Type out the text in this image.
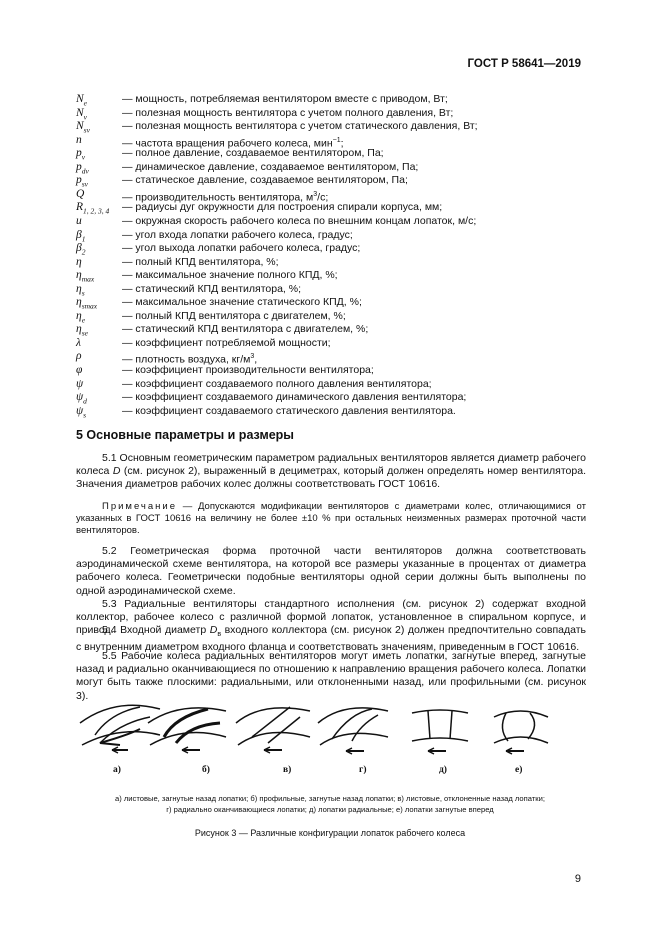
ГОСТ Р 58641—2019
$N_e$	— мощность, потребляемая вентилятором вместе с приводом, Вт;
$N_v$	— полезная мощность вентилятора с учетом полного давления, Вт;
$N_{sv}$	— полезная мощность вентилятора с учетом статического давления, Вт;
n	— частота вращения рабочего колеса, мин$^{-1}$;
$p_v$	— полное давление, создаваемое вентилятором, Па;
$p_{dv}$	— динамическое давление, создаваемое вентилятором, Па;
$p_{sv}$	— статическое давление, создаваемое вентилятором, Па;
Q	— производительность вентилятора, $м^3/с$;
$R_{1, 2, 3, 4}$	— радиусы дуг окружности для построения спирали корпуса, мм;
u	— окружная скорость рабочего колеса по внешним концам лопаток, м/с;
$\beta_1$	— угол входа лопатки рабочего колеса, градус;
$\beta_2$	— угол выхода лопатки рабочего колеса, градус;
η	— полный КПД вентилятора, %;
$\eta_{max}$	— максимальное значение полного КПД, %;
$\eta_s$	— статический КПД вентилятора, %;
$\eta_{smax}$	— максимальное значение статического КПД, %;
$\eta_e$	— полный КПД вентилятора с двигателем, %;
$\eta_{se}$	— статический КПД вентилятора с двигателем, %;
λ	— коэффициент потребляемой мощности;
ρ	— плотность воздуха, $кг/м^3$,
φ	— коэффициент производительности вентилятора;
ψ	— коэффициент создаваемого полного давления вентилятора;
$\psi_d$	— коэффициент создаваемого динамического давления вентилятора;
$\psi_s$	— коэффициент создаваемого статического давления вентилятора.
5 Основные параметры и размеры
5.1 Основным геометрическим параметром радиальных вентиляторов является диаметр рабочего колеса D (см. рисунок 2), выраженный в дециметрах, который должен определять номер вентилятора. Значения диаметров рабочих колес должны соответствовать ГОСТ 10616.
Примечание — Допускаются модификации вентиляторов с диаметрами колес, отличающимися от указанных в ГОСТ 10616 на величину не более ±10 % при остальных неизменных размерах проточной части вентиляторов.
5.2 Геометрическая форма проточной части вентиляторов должна соответствовать аэродинамической схеме вентилятора, на которой все размеры указанные в процентах от диаметра рабочего колеса. Геометрически подобные вентиляторы одной серии должны быть выполнены по одной аэродинамической схеме.
5.3 Радиальные вентиляторы стандартного исполнения (см. рисунок 2) содержат входной коллектор, рабочее колесо с различной формой лопаток, установленное в спиральном корпусе, и привод.
5.4 Входной диаметр $D_в$ входного коллектора (см. рисунок 2) должен предпочтительно совпадать с внутренним диаметром входного фланца и соответствовать значениям, приведенным в ГОСТ 10616.
5.5 Рабочие колеса радиальных вентиляторов могут иметь лопатки, загнутые вперед, загнутые назад и радиально оканчивающиеся по отношению к направлению вращения рабочего колеса. Лопатки могут быть также плоскими: радиальными, или отклоненными назад, или профильными (см. рисунок 3).
а)	б)	в)	г)	д)	е)
а) листовые, загнутые назад лопатки; б) профильные, загнутые назад лопатки; в) листовые, отклоненные назад лопатки;
г) радиально оканчивающиеся лопатки; д) лопатки радиальные; е) лопатки загнутые вперед
Рисунок 3 — Различные конфигурации лопаток рабочего колеса
9
